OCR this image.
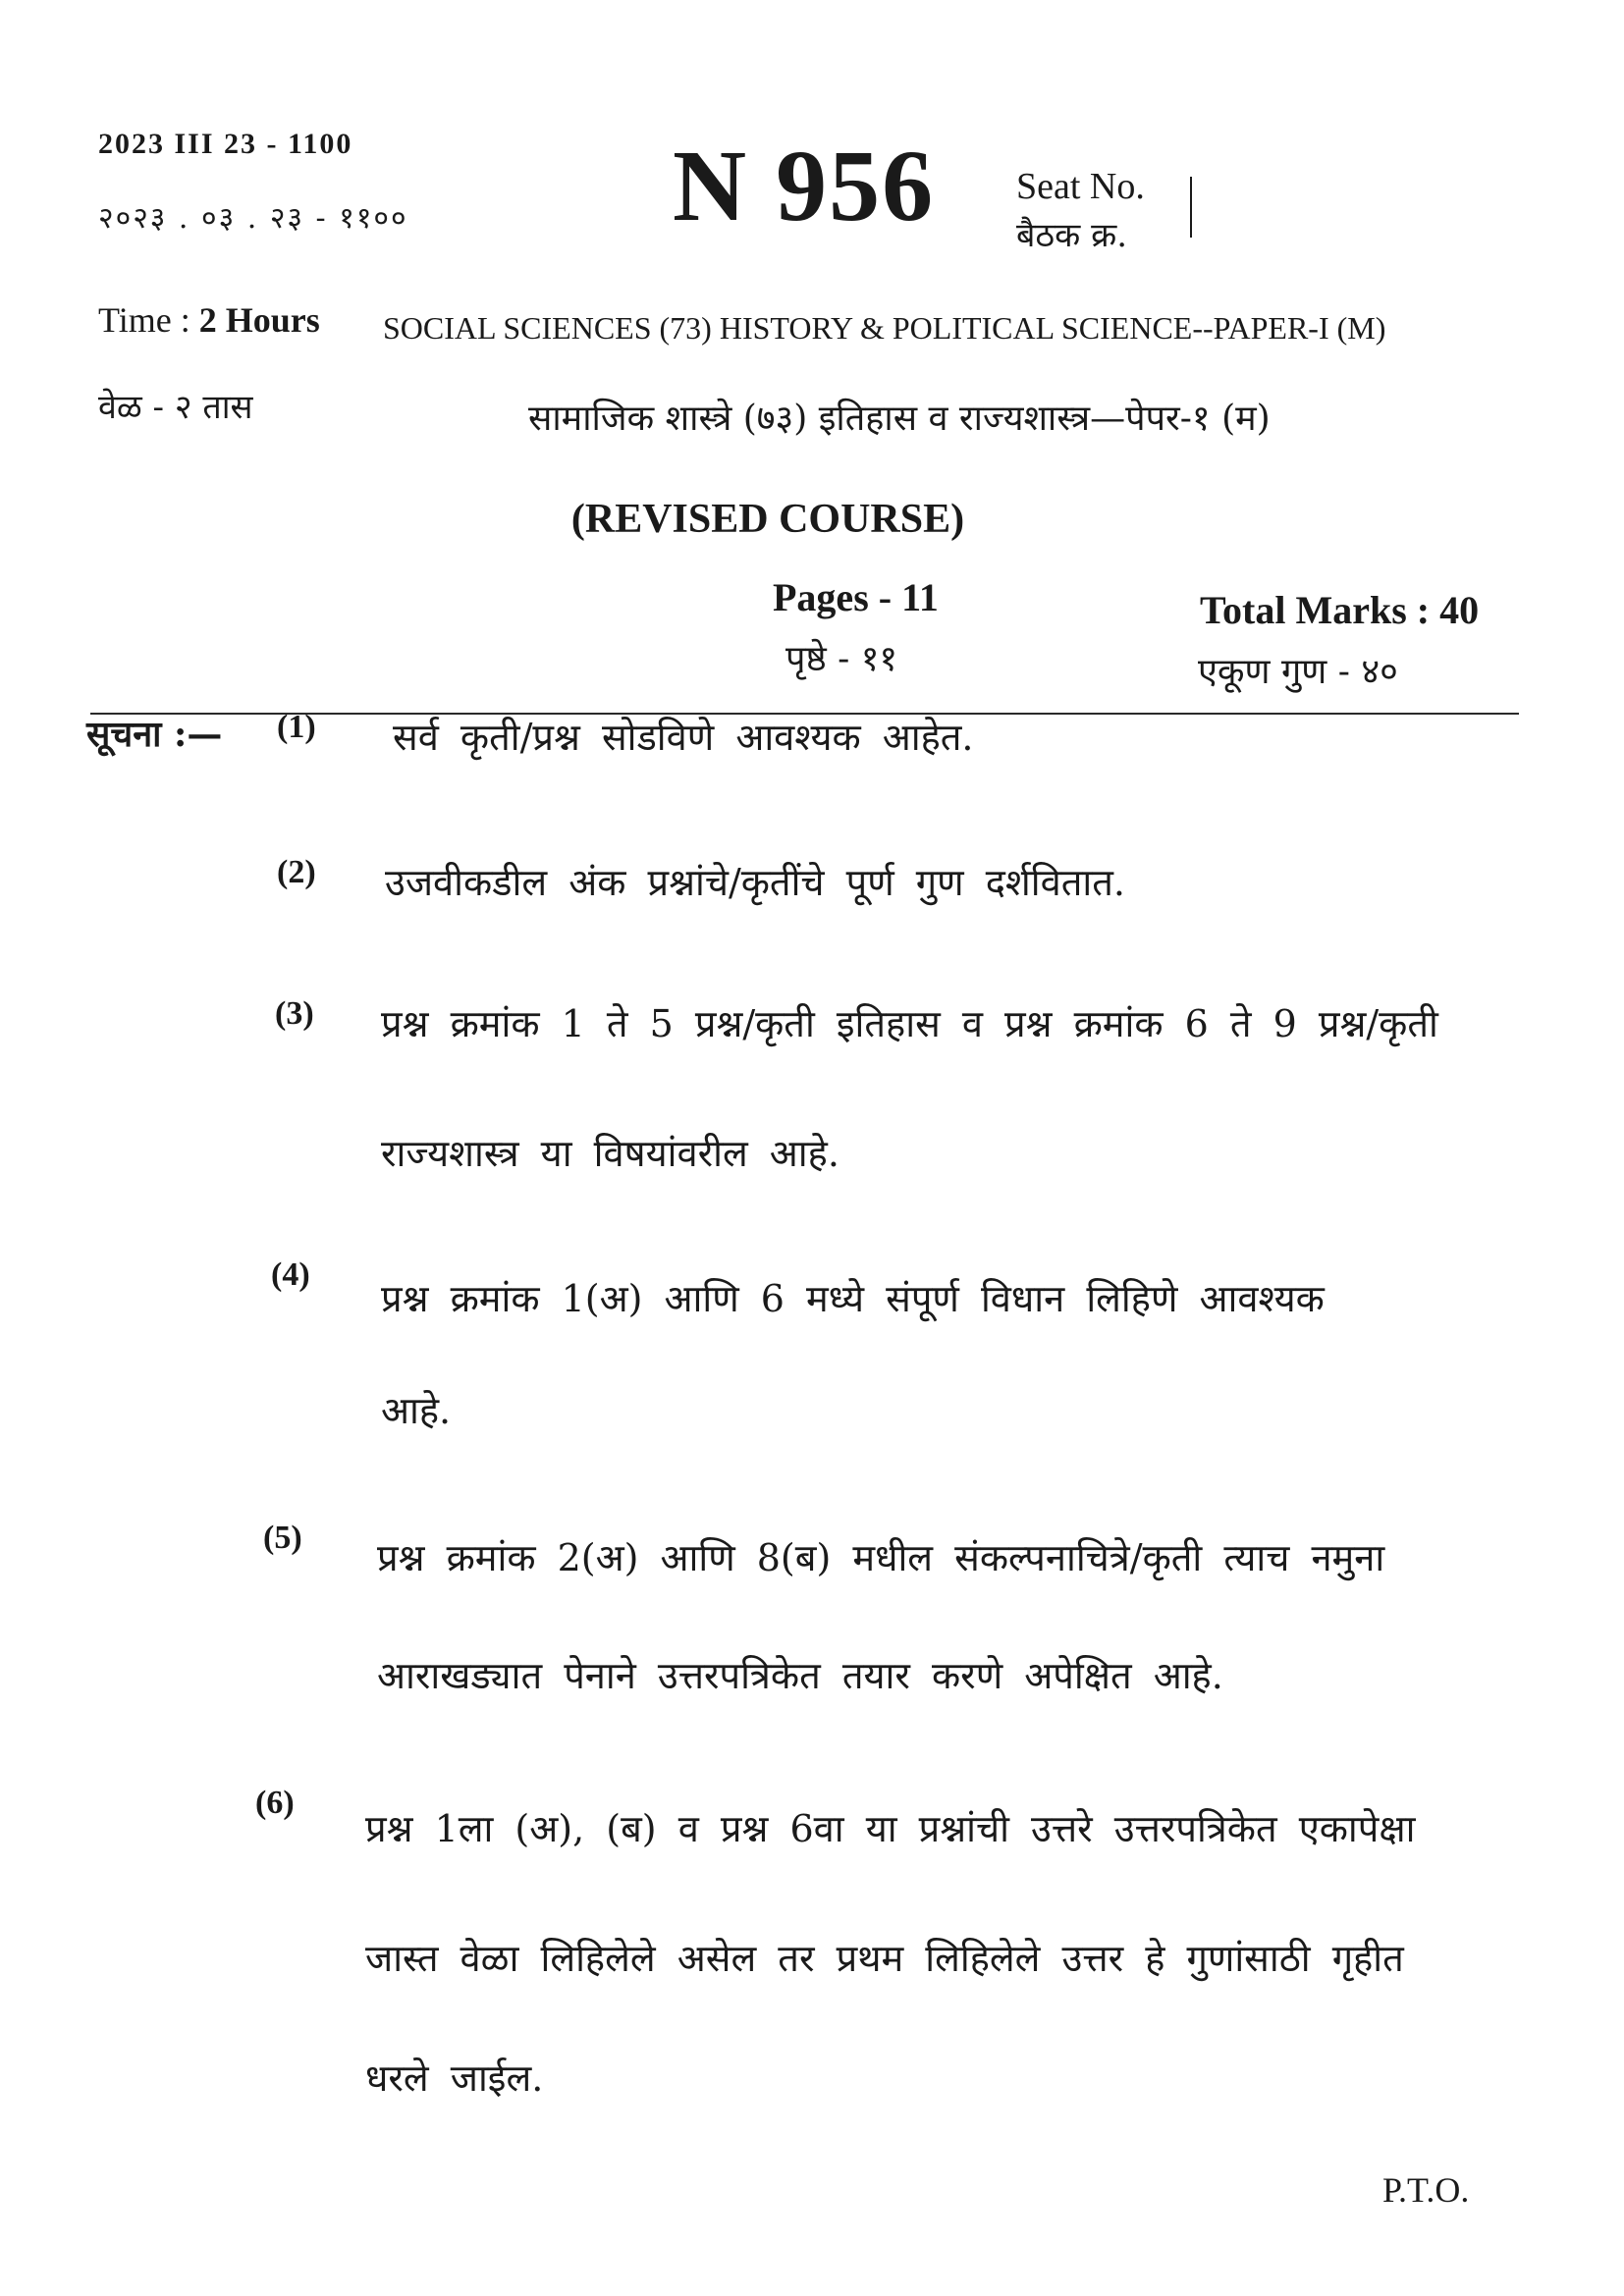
2023 III 23 - 1100
२०२३ . ०३ . २३ - ११००	N 956 Seat No.
बैठक क्र.
Time : 2 Hours SOCIAL SCIENCES (73) HISTORY & POLITICAL SCIENCE--PAPER-I (M)
वेळ - २ तास	सामाजिक शास्त्रे (७३) इतिहास व राज्यशास्त्र—पेपर-१ (म)
(REVISED COURSE)
Pages - 11
पृष्ठे - ११
Total Marks : 40
एकूण गुण - ४०
सूचना :— (1) सर्व कृती/प्रश्न सोडविणे आवश्यक आहेत.
(2) उजवीकडील अंक प्रश्नांचे/कृतींचे पूर्ण गुण दर्शवितात.
(3) प्रश्न क्रमांक 1 ते 5 प्रश्न/कृती इतिहास व प्रश्न क्रमांक 6 ते 9 प्रश्न/कृती
राज्यशास्त्र या विषयांवरील आहे.
(4)
प्रश्न क्रमांक 1(अ) आणि 6 मध्ये संपूर्ण विधान लिहिणे आवश्यक
आहे.
(5) प्रश्न क्रमांक 2(अ) आणि 8(ब) मधील संकल्पनाचित्रे/कृती त्याच नमुना
आराखड्यात पेनाने उत्तरपत्रिकेत तयार करणे अपेक्षित आहे.
(6)
प्रश्न 1ला (अ), (ब) व प्रश्न 6वा या प्रश्नांची उत्तरे उत्तरपत्रिकेत एकापेक्षा
जास्त वेळा लिहिलेले असेल तर प्रथम लिहिलेले उत्तर हे गुणांसाठी गृहीत
धरले जाईल.
P.T.O.
